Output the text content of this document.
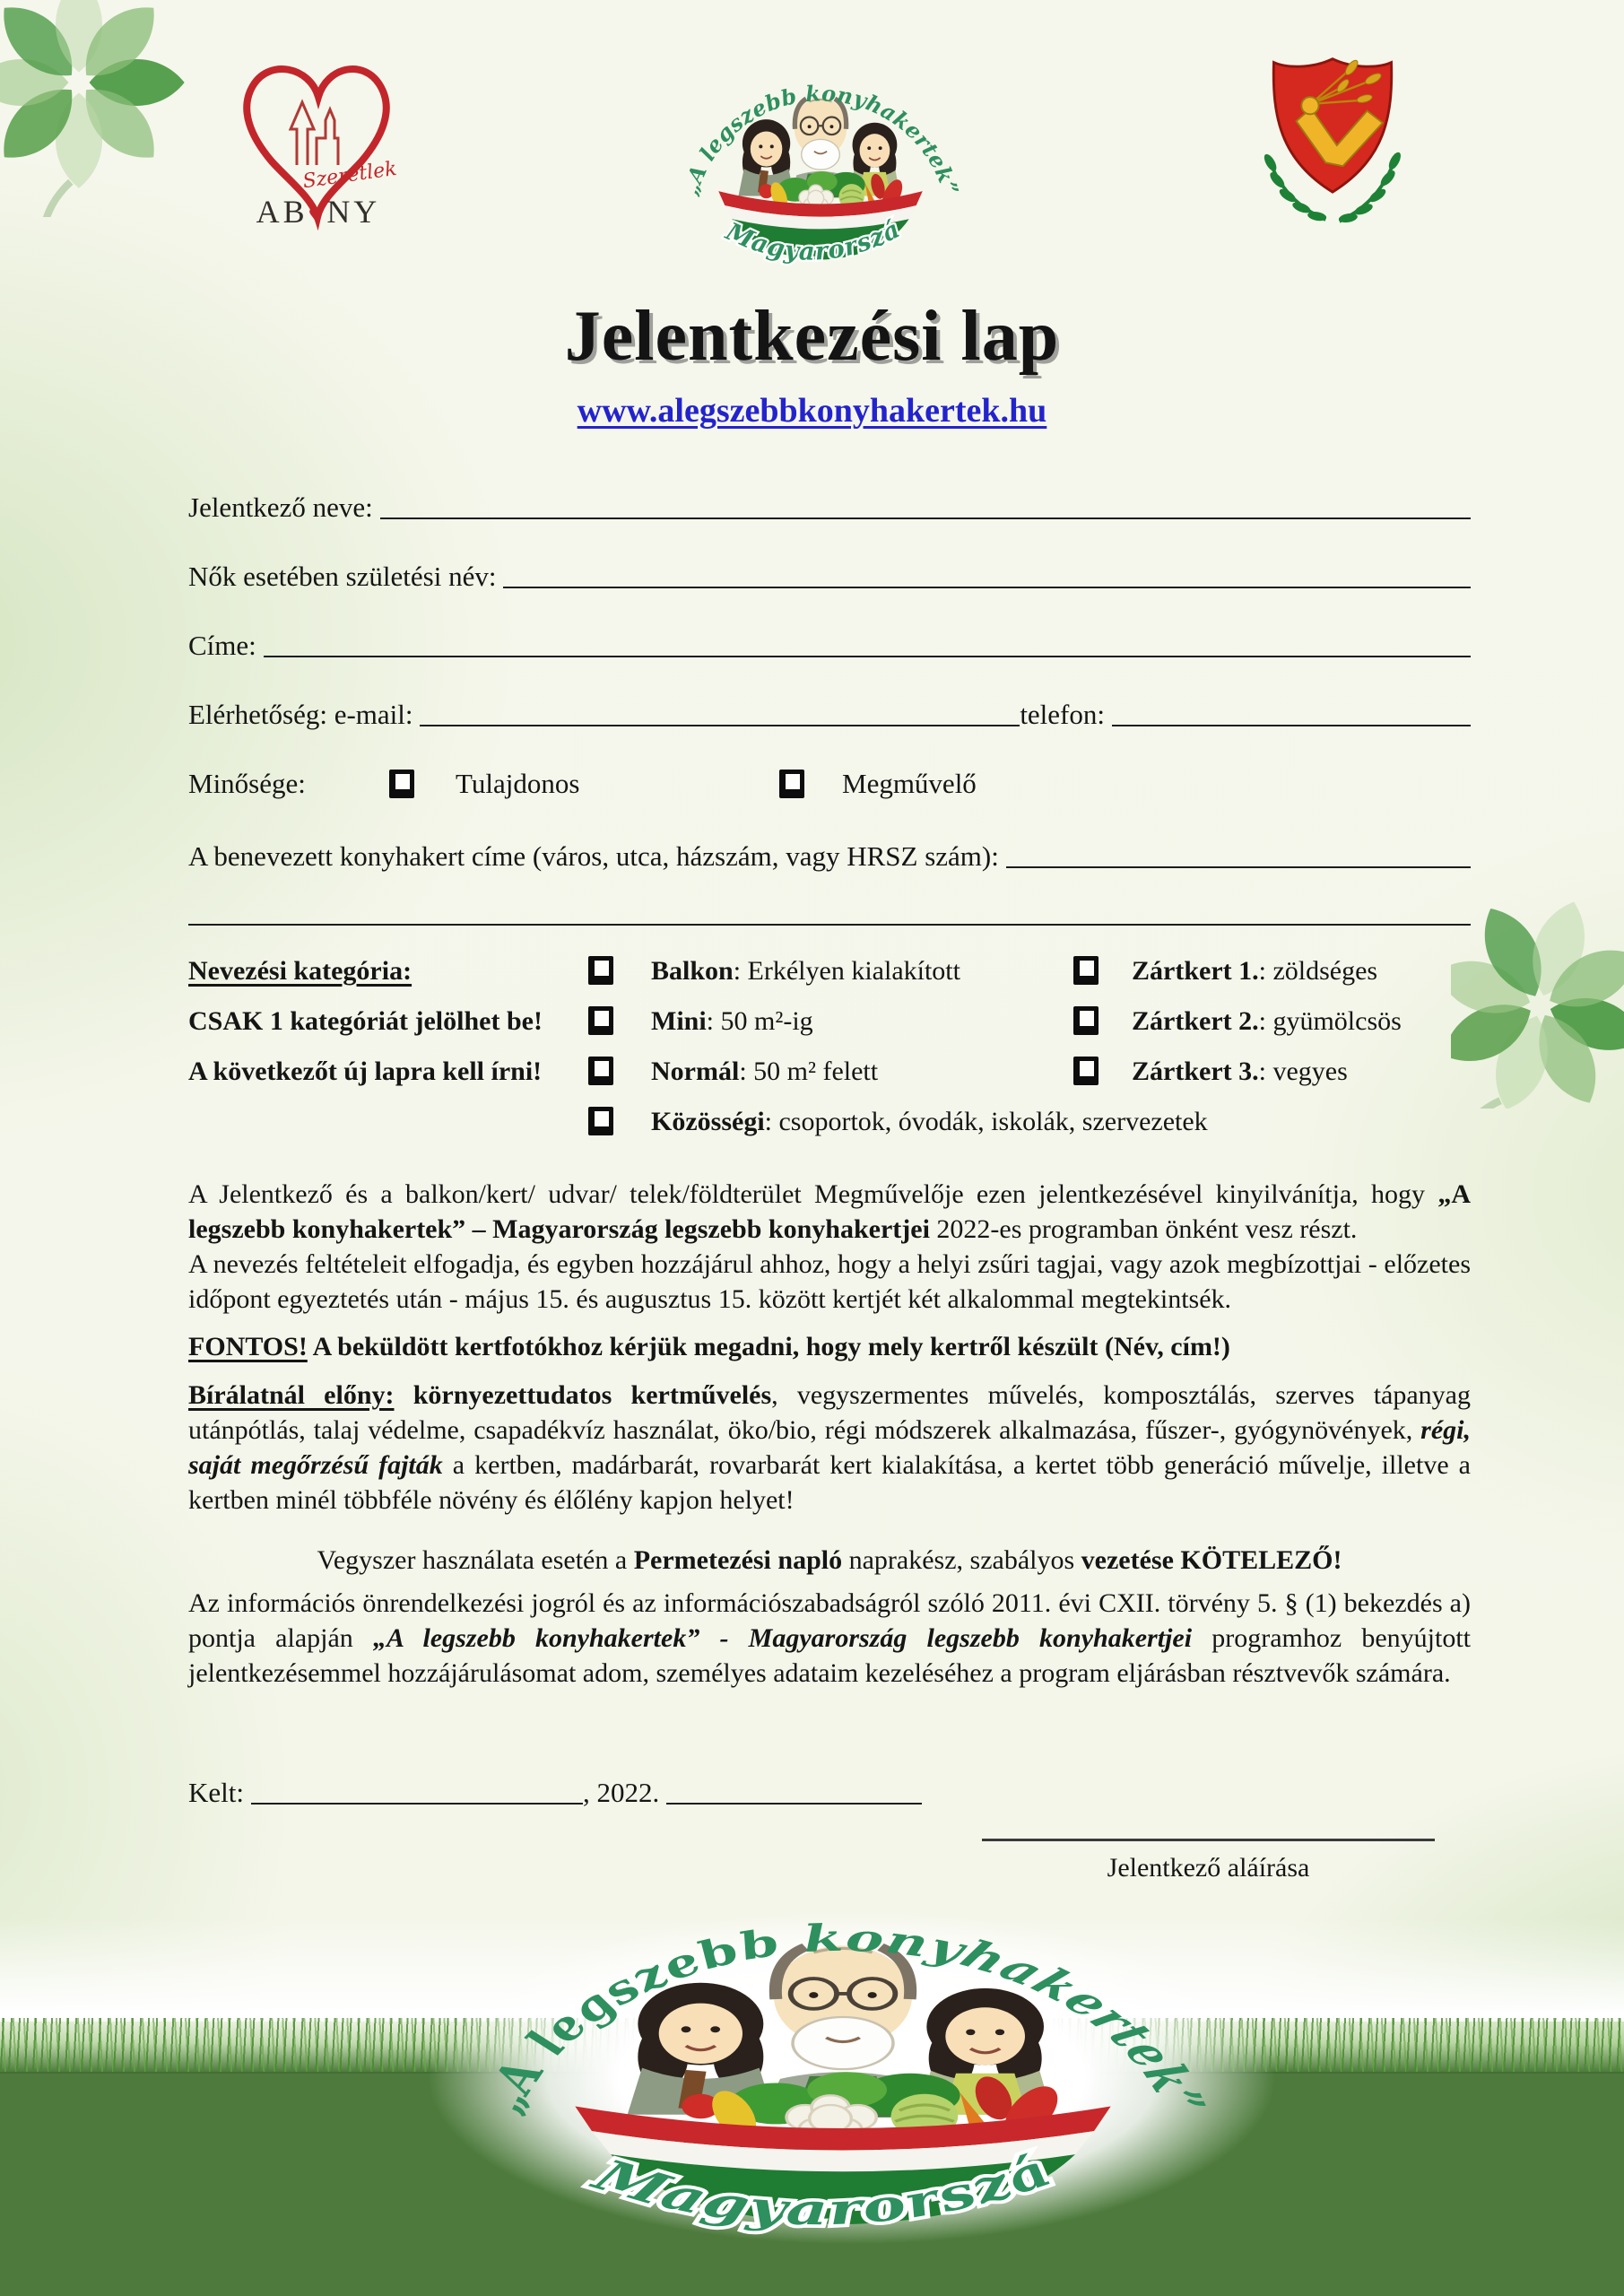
Szeretlek
AB♥NY
Jelentkezési lap
www.alegszebbkonyhakertek.hu
Jelentkező neve:
Nők esetében születési név:
Címe:
Elérhetőség: e-mail:	telefon:
Minősége:	Tulajdonos	Megművelő
A benevezett konyhakert címe (város, utca, házszám, vagy HRSZ szám):
Nevezési kategória:	Balkon: Erkélyen kialakított	Zártkert 1.: zöldséges
CSAK 1 kategóriát jelölhet be!	Mini: 50 m²-ig	Zártkert 2.: gyümölcsös
A következőt új lapra kell írni!	Normál: 50 m² felett	Zártkert 3.: vegyes
Közösségi: csoportok, óvodák, iskolák, szervezetek

A Jelentkező és a balkon/kert/ udvar/ telek/földterület Megművelője ezen jelentkezésével kinyilvánítja, hogy „A legszebb konyhakertek” – Magyarország legszebb konyhakertjei 2022-es programban önként vesz részt.

A nevezés feltételeit elfogadja, és egyben hozzájárul ahhoz, hogy a helyi zsűri tagjai, vagy azok megbízottjai - előzetes időpont egyeztetés után - május 15. és augusztus 15. között kertjét két alkalommal megtekintsék.

FONTOS! A beküldött kertfotókhoz kérjük megadni, hogy mely kertről készült (Név, cím!)
Bírálatnál előny: környezettudatos kertművelés, vegyszermentes művelés, komposztálás, szerves tápanyag utánpótlás, talaj védelme, csapadékvíz használat, öko/bio, régi módszerek alkalmazása, fűszer-, gyógynövények, régi, saját megőrzésű fajták a kertben, madárbarát, rovarbarát kert kialakítása, a kertet több generáció művelje, illetve a kertben minél többféle növény és élőlény kapjon helyet!
Vegyszer használata esetén a Permetezési napló naprakész, szabályos vezetése KÖTELEZŐ!
Az információs önrendelkezési jogról és az információszabadságról szóló 2011. évi CXII. törvény 5. § (1) bekezdés a) pontja alapján „A legszebb konyhakertek” - Magyarország legszebb konyhakertjei programhoz benyújtott jelentkezésemmel hozzájárulásomat adom, személyes adataim kezeléséhez a program eljárásban résztvevők számára.
Kelt:	, 2022.
Jelentkező aláírása
